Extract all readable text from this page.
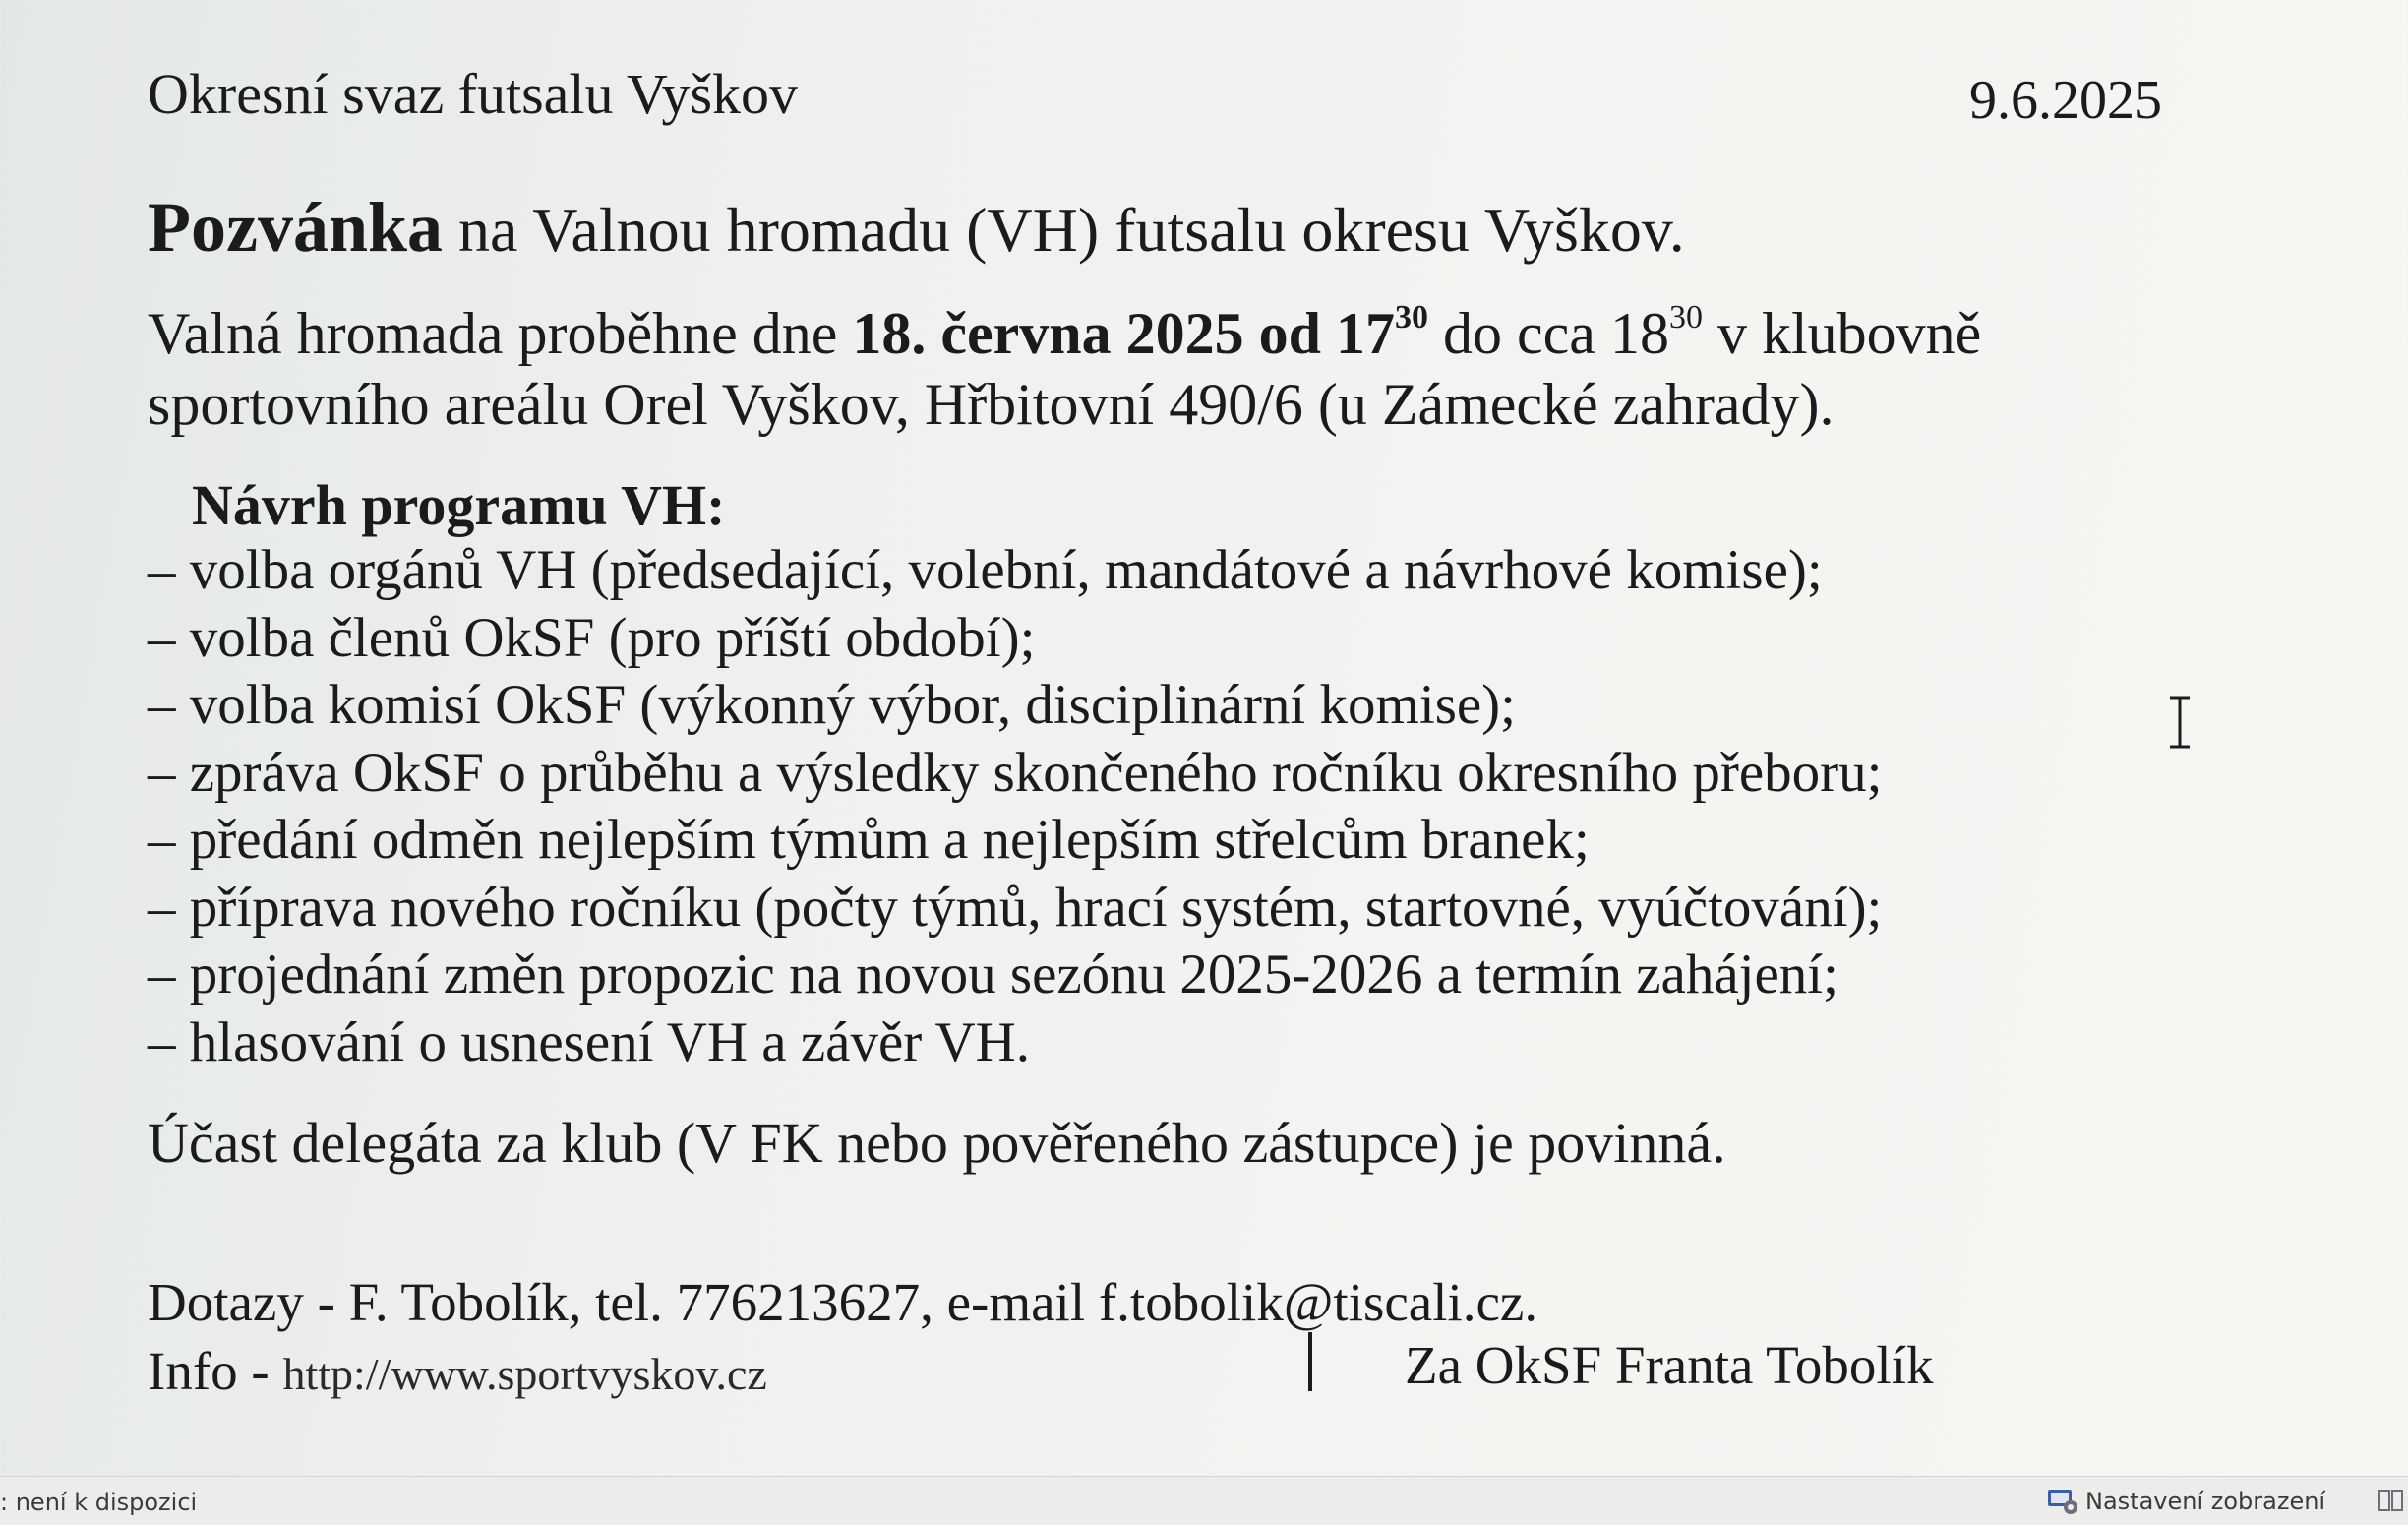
Okresní svaz futsalu Vyškov	9.6.2025
Pozvánka na Valnou hromadu (VH) futsalu okresu Vyškov.
Valná hromada proběhne dne 18. června 2025 od $17^{30}$ do cca $18^{30}$ v klubovně
sportovního areálu Orel Vyškov, Hřbitovní 490/6 (u Zámecké zahrady).
Návrh programu VH:
– volba orgánů VH (předsedající, volební, mandátové a návrhové komise);
– volba členů OkSF (pro příští období);
– volba komisí OkSF (výkonný výbor, disciplinární komise);
– zpráva OkSF o průběhu a výsledky skončeného ročníku okresního přeboru;
– předání odměn nejlepším týmům a nejlepším střelcům branek;
– příprava nového ročníku (počty týmů, hrací systém, startovné, vyúčtování);
– projednání změn propozic na novou sezónu 2025-2026 a termín zahájení;
– hlasování o usnesení VH a závěr VH.
Účast delegáta za klub (V FK nebo pověřeného zástupce) je povinná.
Dotazy - F. Tobolík, tel. 776213627, e-mail f.tobolik@tiscali.cz.
Info - http://www.sportvyskov.cz	Za OkSF Franta Tobolík
: není k dispozici	Nastavení zobrazení
